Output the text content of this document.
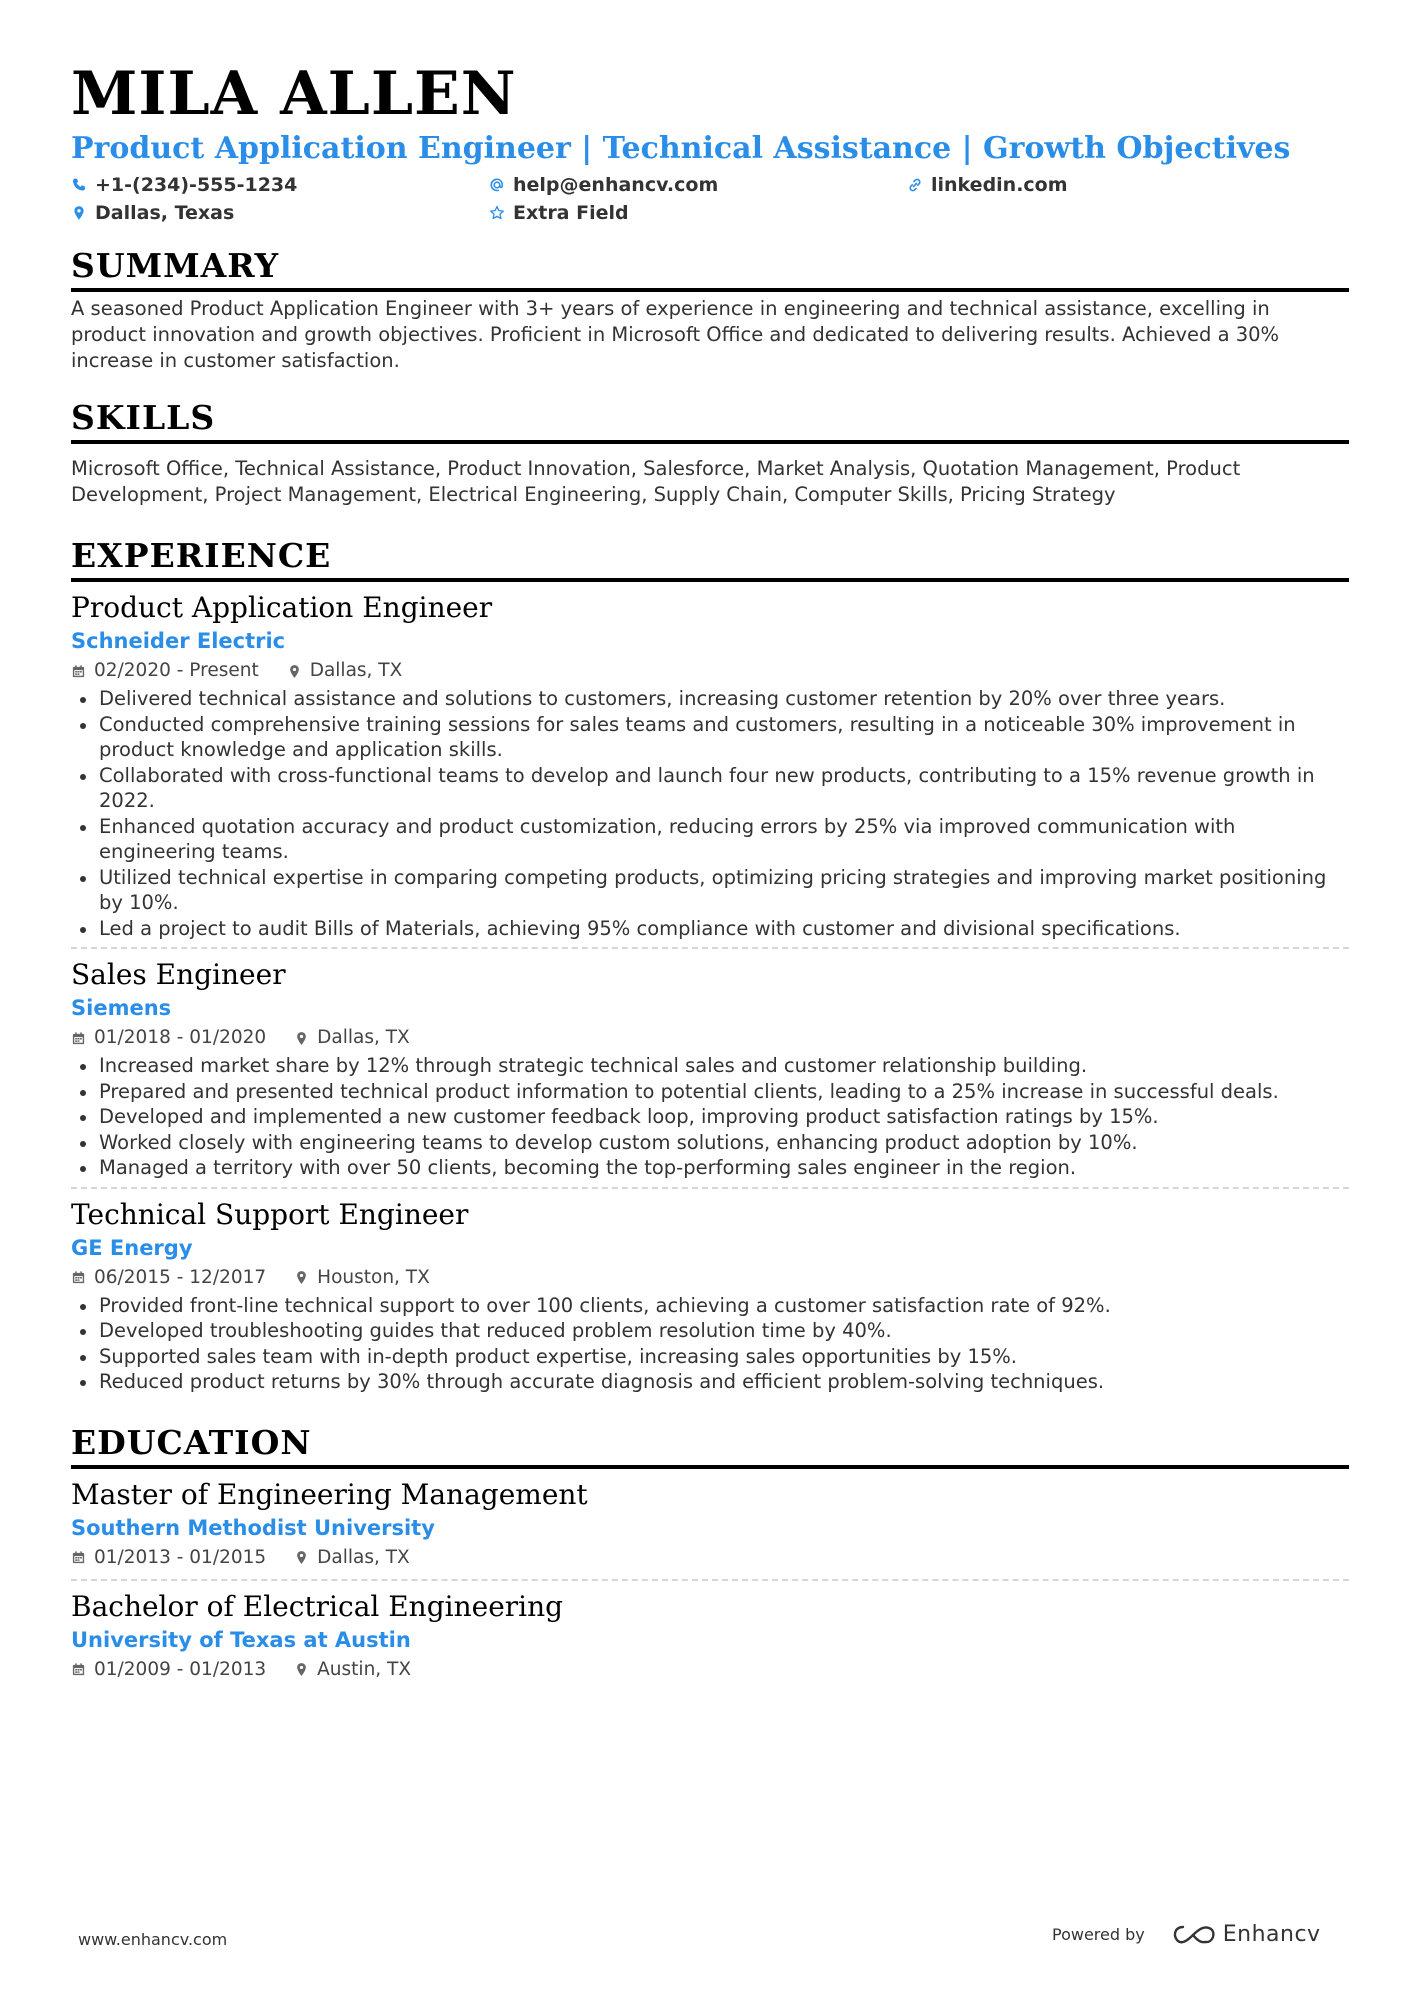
MILA ALLEN

Product Application Engineer | Technical Assistance | Growth Objectives

+1-(234)-555-1234	help@enhancv.com	linkedin.com
Dallas, Texas	Extra Field
SUMMARY

A seasoned Product Application Engineer with 3+ years of experience in engineering and technical assistance, excelling in product innovation and growth objectives. Proficient in Microsoft Office and dedicated to delivering results. Achieved a 30% increase in customer satisfaction.

SKILLS

Microsoft Office, Technical Assistance, Product Innovation, Salesforce, Market Analysis, Quotation Management, Product Development, Project Management, Electrical Engineering, Supply Chain, Computer Skills, Pricing Strategy

EXPERIENCE

Product Application Engineer

Schneider Electric

02/2020 - Present	Dallas, TX
Delivered technical assistance and solutions to customers, increasing customer retention by 20% over three years.
Conducted comprehensive training sessions for sales teams and customers, resulting in a noticeable 30% improvement in product knowledge and application skills.
Collaborated with cross-functional teams to develop and launch four new products, contributing to a 15% revenue growth in 2022.
Enhanced quotation accuracy and product customization, reducing errors by 25% via improved communication with engineering teams.
Utilized technical expertise in comparing competing products, optimizing pricing strategies and improving market positioning by 10%.
Led a project to audit Bills of Materials, achieving 95% compliance with customer and divisional specifications.

Sales Engineer

Siemens

01/2018 - 01/2020	Dallas, TX
Increased market share by 12% through strategic technical sales and customer relationship building.
Prepared and presented technical product information to potential clients, leading to a 25% increase in successful deals.
Developed and implemented a new customer feedback loop, improving product satisfaction ratings by 15%.
Worked closely with engineering teams to develop custom solutions, enhancing product adoption by 10%.
Managed a territory with over 50 clients, becoming the top-performing sales engineer in the region.

Technical Support Engineer

GE Energy

06/2015 - 12/2017	Houston, TX
Provided front-line technical support to over 100 clients, achieving a customer satisfaction rate of 92%.
Developed troubleshooting guides that reduced problem resolution time by 40%.
Supported sales team with in-depth product expertise, increasing sales opportunities by 15%.
Reduced product returns by 30% through accurate diagnosis and efficient problem-solving techniques.
EDUCATION

Master of Engineering Management

Southern Methodist University

01/2013 - 01/2015	Dallas, TX

Bachelor of Electrical Engineering

University of Texas at Austin

01/2009 - 01/2013	Austin, TX
www.enhancv.com	Powered by	Enhancv
